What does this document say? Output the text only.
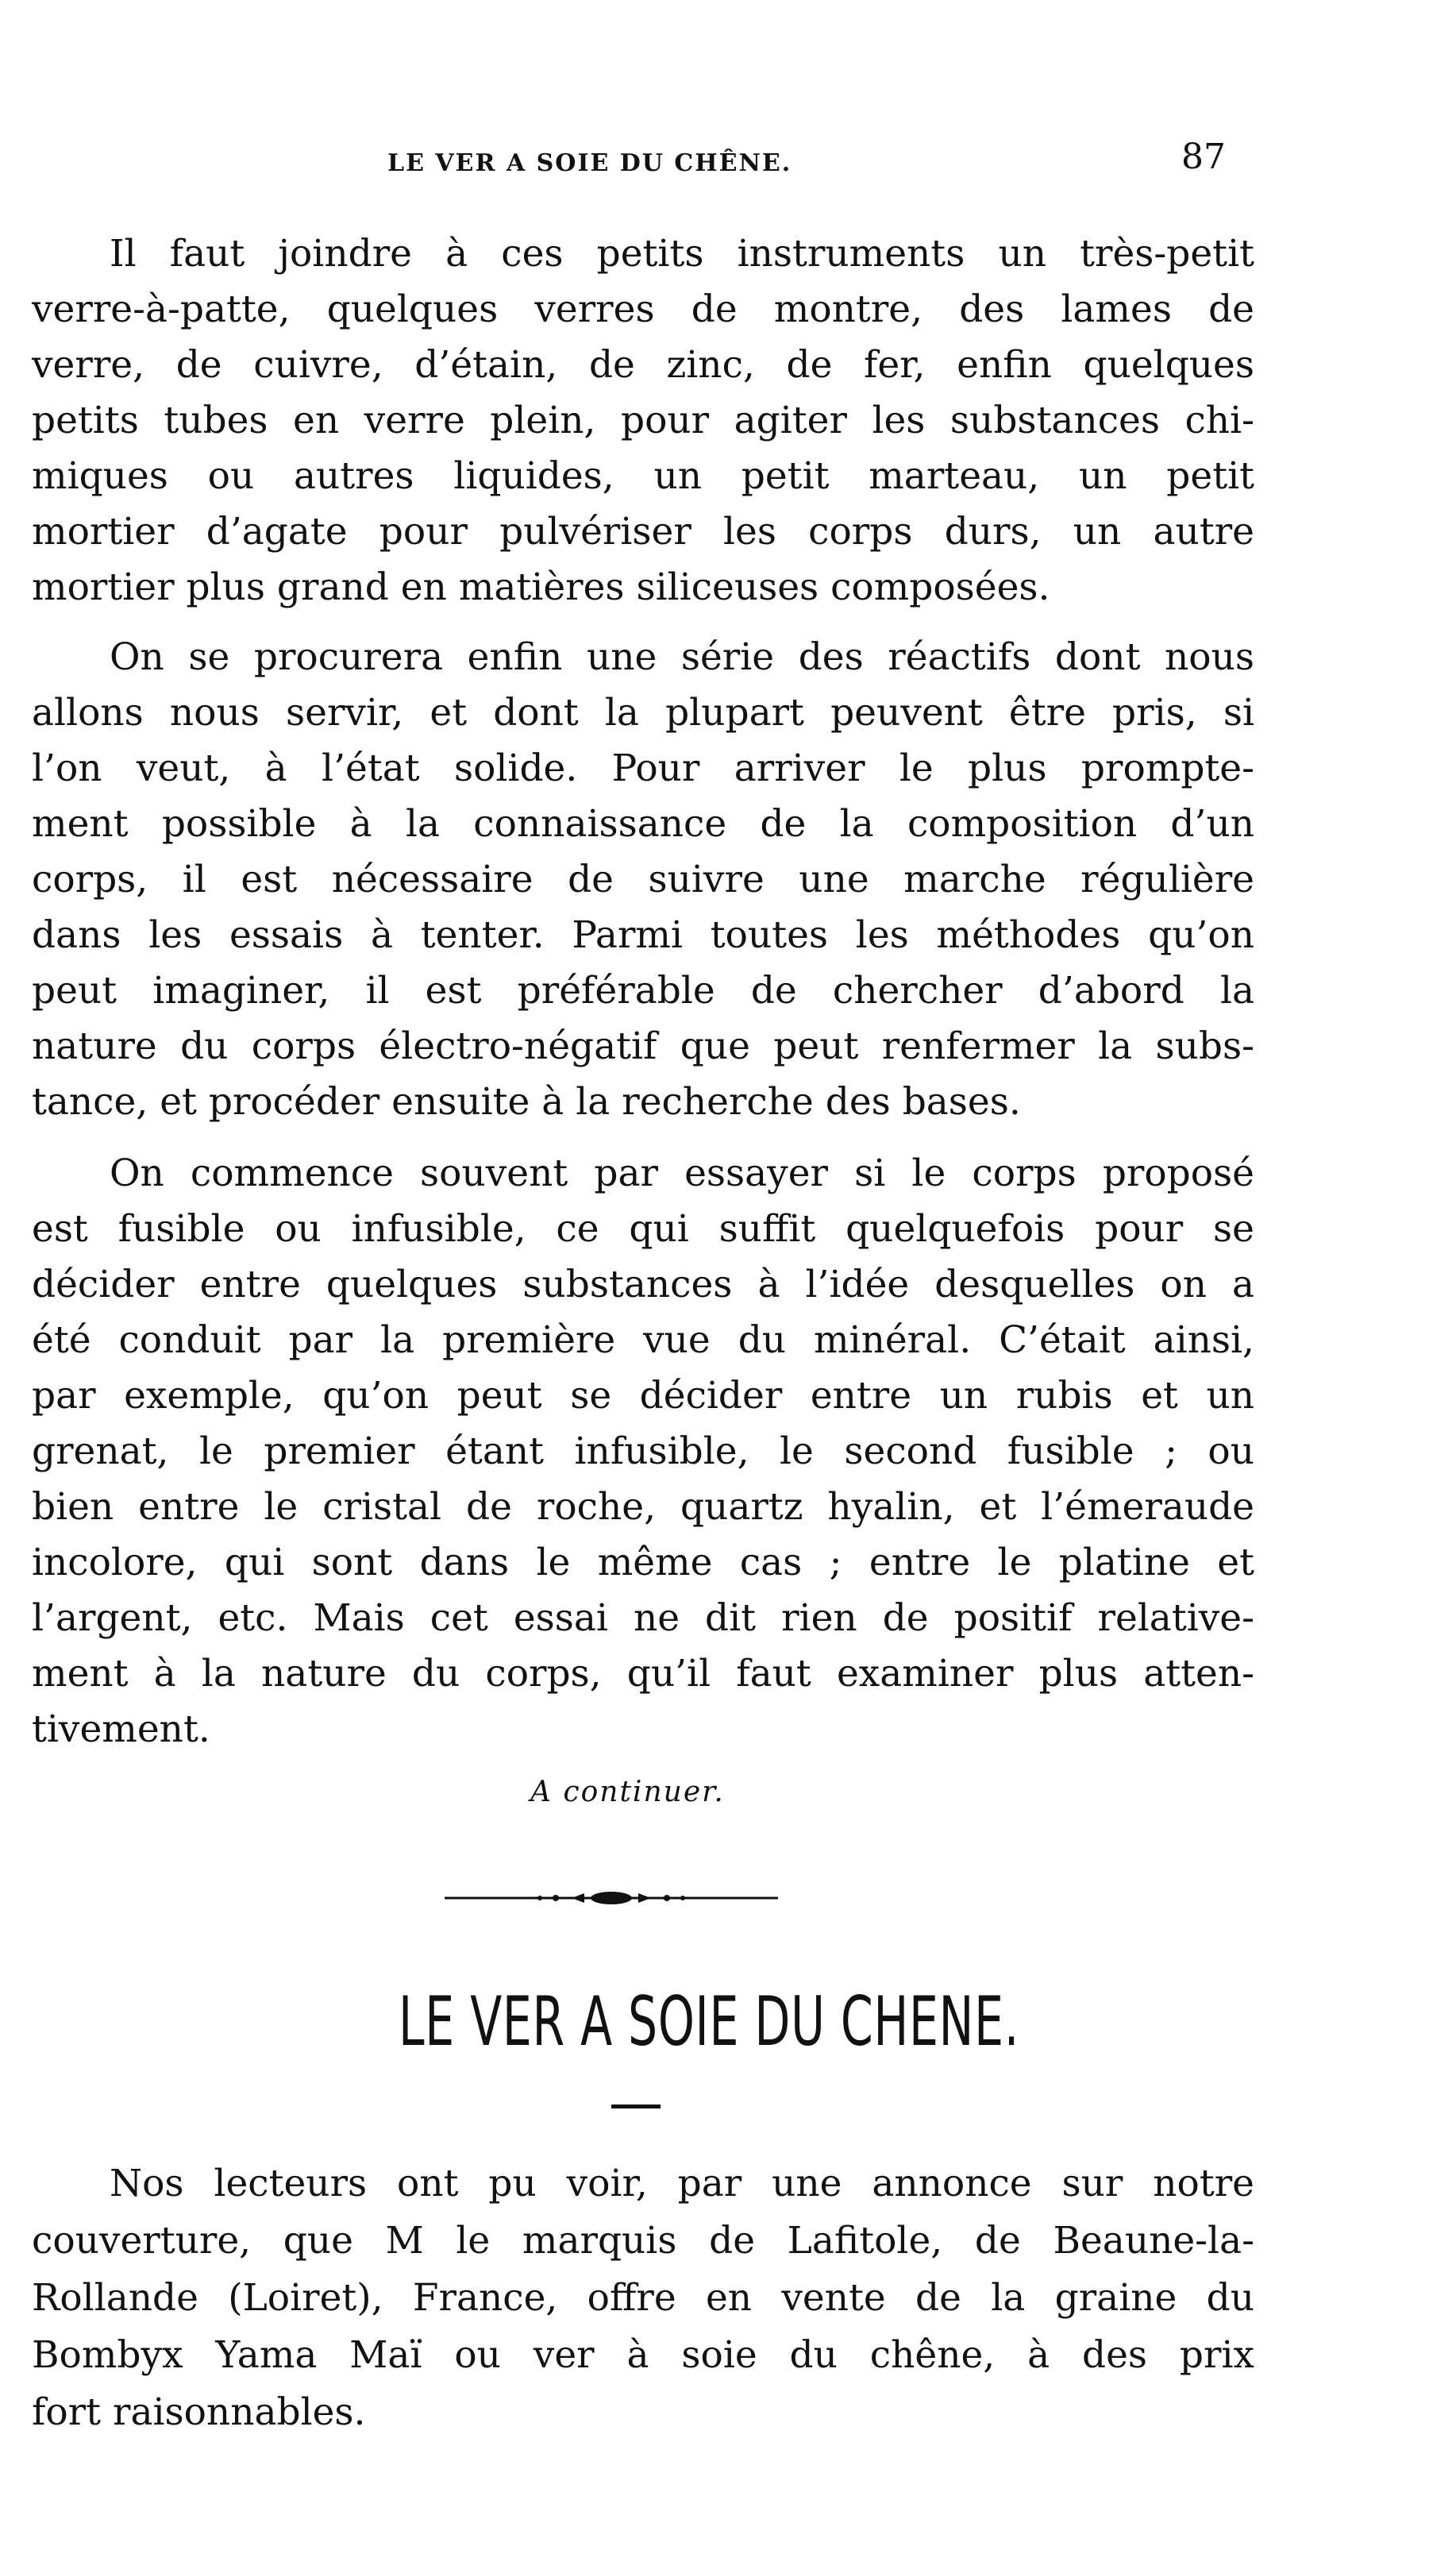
LE VER A SOIE DU CHÊNE.	87
Il faut joindre à ces petits instruments un très-petit
verre-à-patte, quelques verres de montre, des lames de
verre, de cuivre, d’étain, de zinc, de fer, enfin quelques
petits tubes en verre plein, pour agiter les substances chi-
miques ou autres liquides, un petit marteau, un petit
mortier d’agate pour pulvériser les corps durs, un autre
mortier plus grand en matières siliceuses composées.
On se procurera enfin une série des réactifs dont nous
allons nous servir, et dont la plupart peuvent être pris, si
l’on veut, à l’état solide. Pour arriver le plus prompte-
ment possible à la connaissance de la composition d’un
corps, il est nécessaire de suivre une marche régulière
dans les essais à tenter. Parmi toutes les méthodes qu’on
peut imaginer, il est préférable de chercher d’abord la
nature du corps électro-négatif que peut renfermer la subs-
tance, et procéder ensuite à la recherche des bases.
On commence souvent par essayer si le corps proposé
est fusible ou infusible, ce qui suffit quelquefois pour se
décider entre quelques substances à l’idée desquelles on a
été conduit par la première vue du minéral. C’était ainsi,
par exemple, qu’on peut se décider entre un rubis et un
grenat, le premier étant infusible, le second fusible ; ou
bien entre le cristal de roche, quartz hyalin, et l’émeraude
incolore, qui sont dans le même cas ; entre le platine et
l’argent, etc. Mais cet essai ne dit rien de positif relative-
ment à la nature du corps, qu’il faut examiner plus atten-
tivement.
A continuer.
LE VER A SOIE DU CHENE.
Nos lecteurs ont pu voir, par une annonce sur notre
couverture, que M le marquis de Lafitole, de Beaune-la-
Rollande (Loiret), France, offre en vente de la graine du
Bombyx Yama Maï ou ver à soie du chêne, à des prix
fort raisonnables.
